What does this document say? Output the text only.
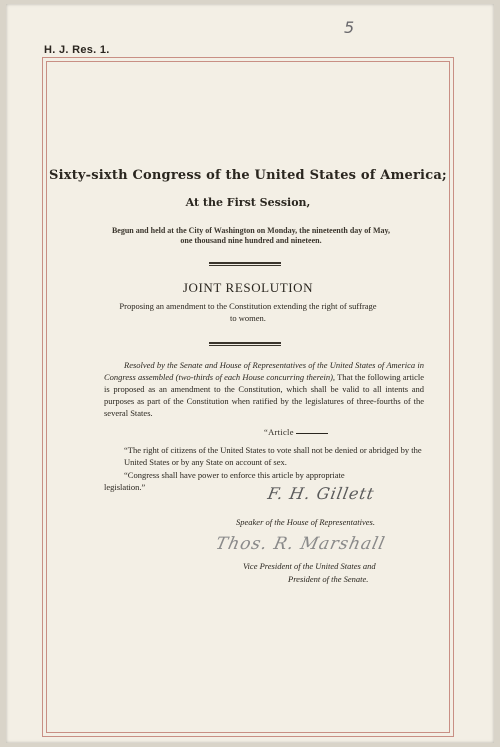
5
H. J. Res. 1.
Sixty-sixth Congress of the United States of America;
At the First Session,
Begun and held at the City of Washington on Monday, the nineteenth day of May,
one thousand nine hundred and nineteen.
JOINT RESOLUTION
Proposing an amendment to the Constitution extending the right of suffrage
to women.
Resolved by the Senate and House of Representatives of the United States of America in Congress assembled (two-thirds of each House concurring therein), That the following article is proposed as an amendment to the Constitution, which shall be valid to all intents and purposes as part of the Constitution when ratified by the legislatures of three-fourths of the several States.
“Article
“The right of citizens of the United States to vote shall not be denied or abridged by the United States or by any State on account of sex.
“Congress shall have power to enforce this article by appropriate
legislation.”	F. H. Gillett
Speaker of the House of Representatives.
Thos. R. Marshall
Vice President of the United States and
President of the Senate.
